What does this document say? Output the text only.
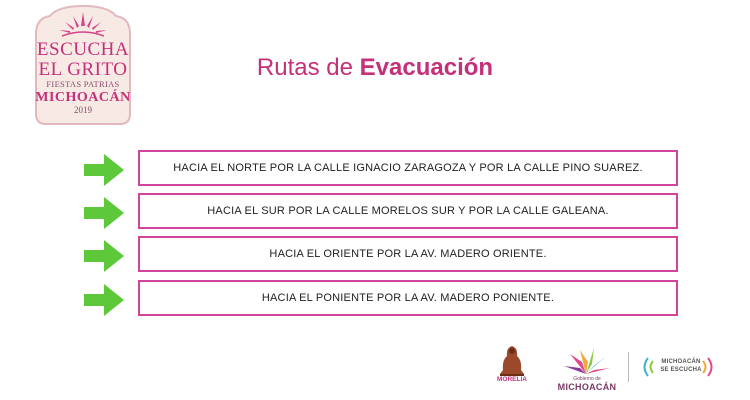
ESCUCHA
EL GRITO
FIESTAS PATRIAS
MICHOACÁN
2019
Rutas de Evacuación
HACIA EL NORTE POR LA CALLE IGNACIO ZARAGOZA Y POR LA CALLE PINO SUAREZ.
HACIA EL SUR POR LA CALLE MORELOS SUR Y POR LA CALLE GALEANA.
HACIA EL ORIENTE POR LA AV. MADERO ORIENTE.
HACIA EL PONIENTE POR LA AV. MADERO PONIENTE.
MORELIA	Gobierno de
MICHOACÁN
MICHOACÁN
SE ESCUCHA
